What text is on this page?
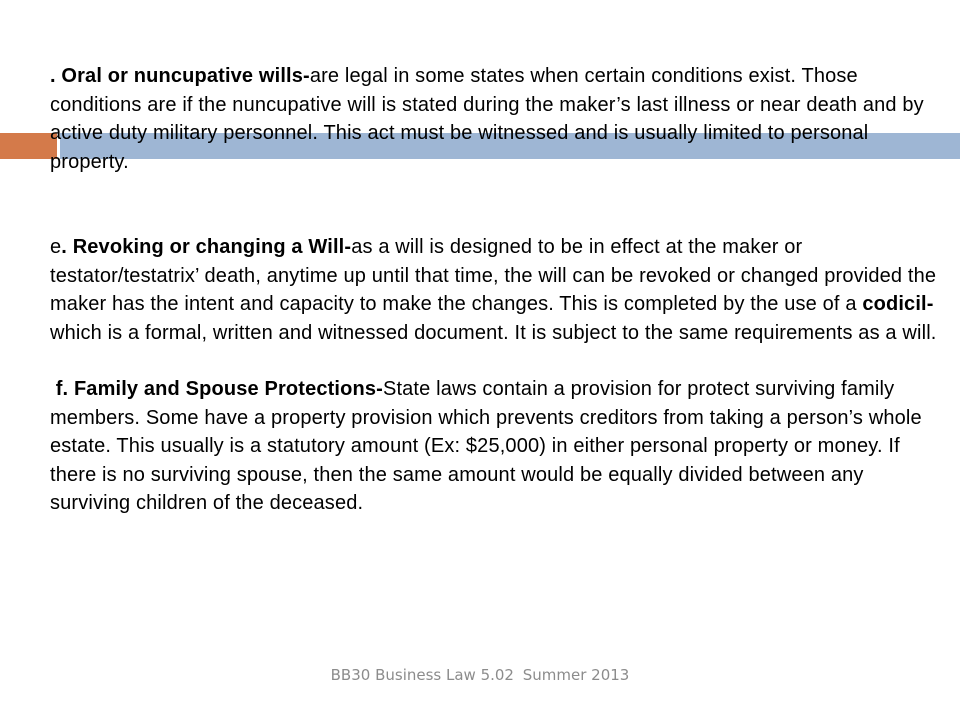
. Oral or nuncupative wills-are legal in some states when certain conditions exist. Those conditions are if the nuncupative will is stated during the maker’s last illness or near death and by active duty military personnel. This act must be witnessed and is usually limited to personal property.

e. Revoking or changing a Will-as a will is designed to be in effect at the maker or testator/testatrix’ death, anytime up until that time, the will can be revoked or changed provided the maker has the intent and capacity to make the changes. This is completed by the use of a codicil-which is a formal, written and witnessed document. It is subject to the same requirements as a will.

f. Family and Spouse Protections-State laws contain a provision for protect surviving family members. Some have a property provision which prevents creditors from taking a person’s whole estate. This usually is a statutory amount (Ex: $25,000) in either personal property or money. If there is no surviving spouse, then the same amount would be equally divided between any surviving children of the deceased.

BB30 Business Law 5.02 Summer 2013
